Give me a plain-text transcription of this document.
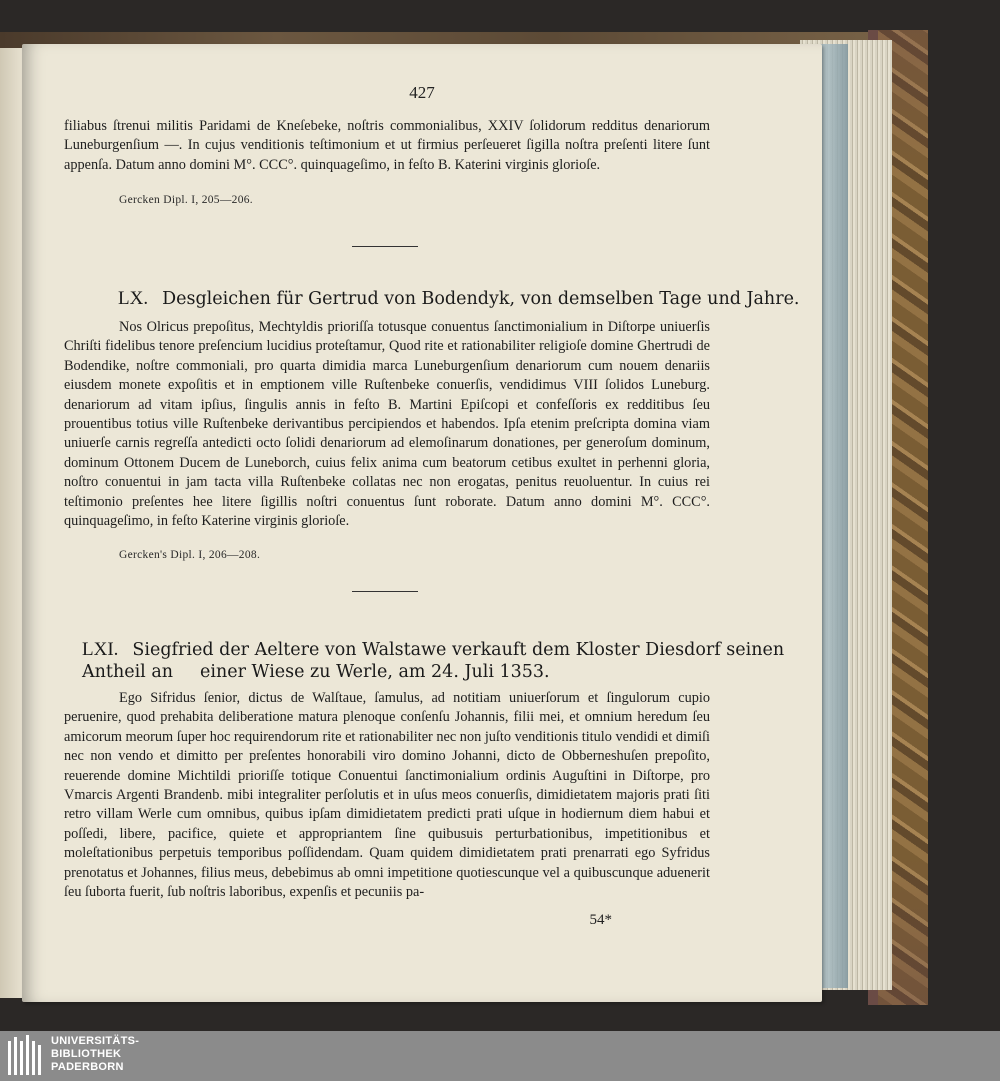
427

filiabus ſtrenui militis Paridami de Kneſebeke, noſtris commonialibus, XXIV ſolidorum redditus denariorum Luneburgenſium —. In cujus venditionis teſtimonium et ut firmius perſeueret ſigilla noſtra preſenti litere ſunt appenſa. Datum anno domini M°. CCC°. quinquageſimo, in feſto B. Katerini virginis glorioſe.

Gercken Dipl. I, 205—206.
LX. Desgleichen für Gertrud von Bodendyk, von demselben Tage und Jahre.

Nos Olricus prepoſitus, Mechtyldis prioriſſa totusque conuentus ſanctimonialium in Diſtorpe uniuerſis Chriſti fidelibus tenore preſencium lucidius proteſtamur, Quod rite et rationabiliter religioſe domine Ghertrudi de Bodendike, noſtre commoniali, pro quarta dimidia marca Luneburgenſium denariorum cum nouem denariis eiusdem monete expoſitis et in emptionem ville Ruſtenbeke conuerſis, vendidimus VIII ſolidos Luneburg. denariorum ad vitam ipſius, ſingulis annis in feſto B. Martini Epiſcopi et confeſſoris ex redditibus ſeu prouentibus totius ville Ruſtenbeke derivantibus percipiendos et habendos. Ipſa etenim preſcripta domina viam uniuerſe carnis regreſſa antedicti octo ſolidi denariorum ad elemoſinarum donationes, per generoſum dominum, dominum Ottonem Ducem de Luneborch, cuius felix anima cum beatorum cetibus exultet in perhenni gloria, noſtro conuentui in jam tacta villa Ruſtenbeke collatas nec non erogatas, penitus reuoluentur. In cuius rei teſtimonio preſentes hee litere ſigillis noſtri conuentus ſunt roborate. Datum anno domini M°. CCC°. quinquageſimo, in feſto Katerine virginis glorioſe.

Gercken's Dipl. I, 206—208.
LXI. Siegfried der Aeltere von Walstawe verkauft dem Kloster Diesdorf seinen Antheil an	einer Wiese zu Werle, am 24. Juli 1353.

Ego Sifridus ſenior, dictus de Walſtaue, ſamulus, ad notitiam uniuerſorum et ſingulorum cupio peruenire, quod prehabita deliberatione matura plenoque conſenſu Johannis, filii mei, et omnium heredum ſeu amicorum meorum ſuper hoc requirendorum rite et rationabiliter nec non juſto venditionis titulo vendidi et dimiſi nec non vendo et dimitto per preſentes honorabili viro domino Johanni, dicto de Obberneshuſen prepoſito, reuerende domine Michtildi prioriſſe totique Conuentui ſanctimonialium ordinis Auguſtini in Diſtorpe, pro Vmarcis Argenti Brandenb. mibi integraliter perſolutis et in uſus meos conuerſis, dimidietatem majoris prati ſiti retro villam Werle cum omnibus, quibus ipſam dimidietatem predicti prati uſque in hodiernum diem habui et poſſedi, libere, pacifice, quiete et appropriantem ſine quibusuis perturbationibus, impetitionibus et moleſtationibus perpetuis temporibus poſſidendam. Quam quidem dimidietatem prati prenarrati ego Syfridus prenotatus et Johannes, filius meus, debebimus ab omni impetitione quotiescunque vel a quibuscunque aduenerit ſeu ſuborta fuerit, ſub noſtris laboribus, expenſis et pecuniis pa-

54*
UNIVERSITÄTS-
BIBLIOTHEK
PADERBORN
